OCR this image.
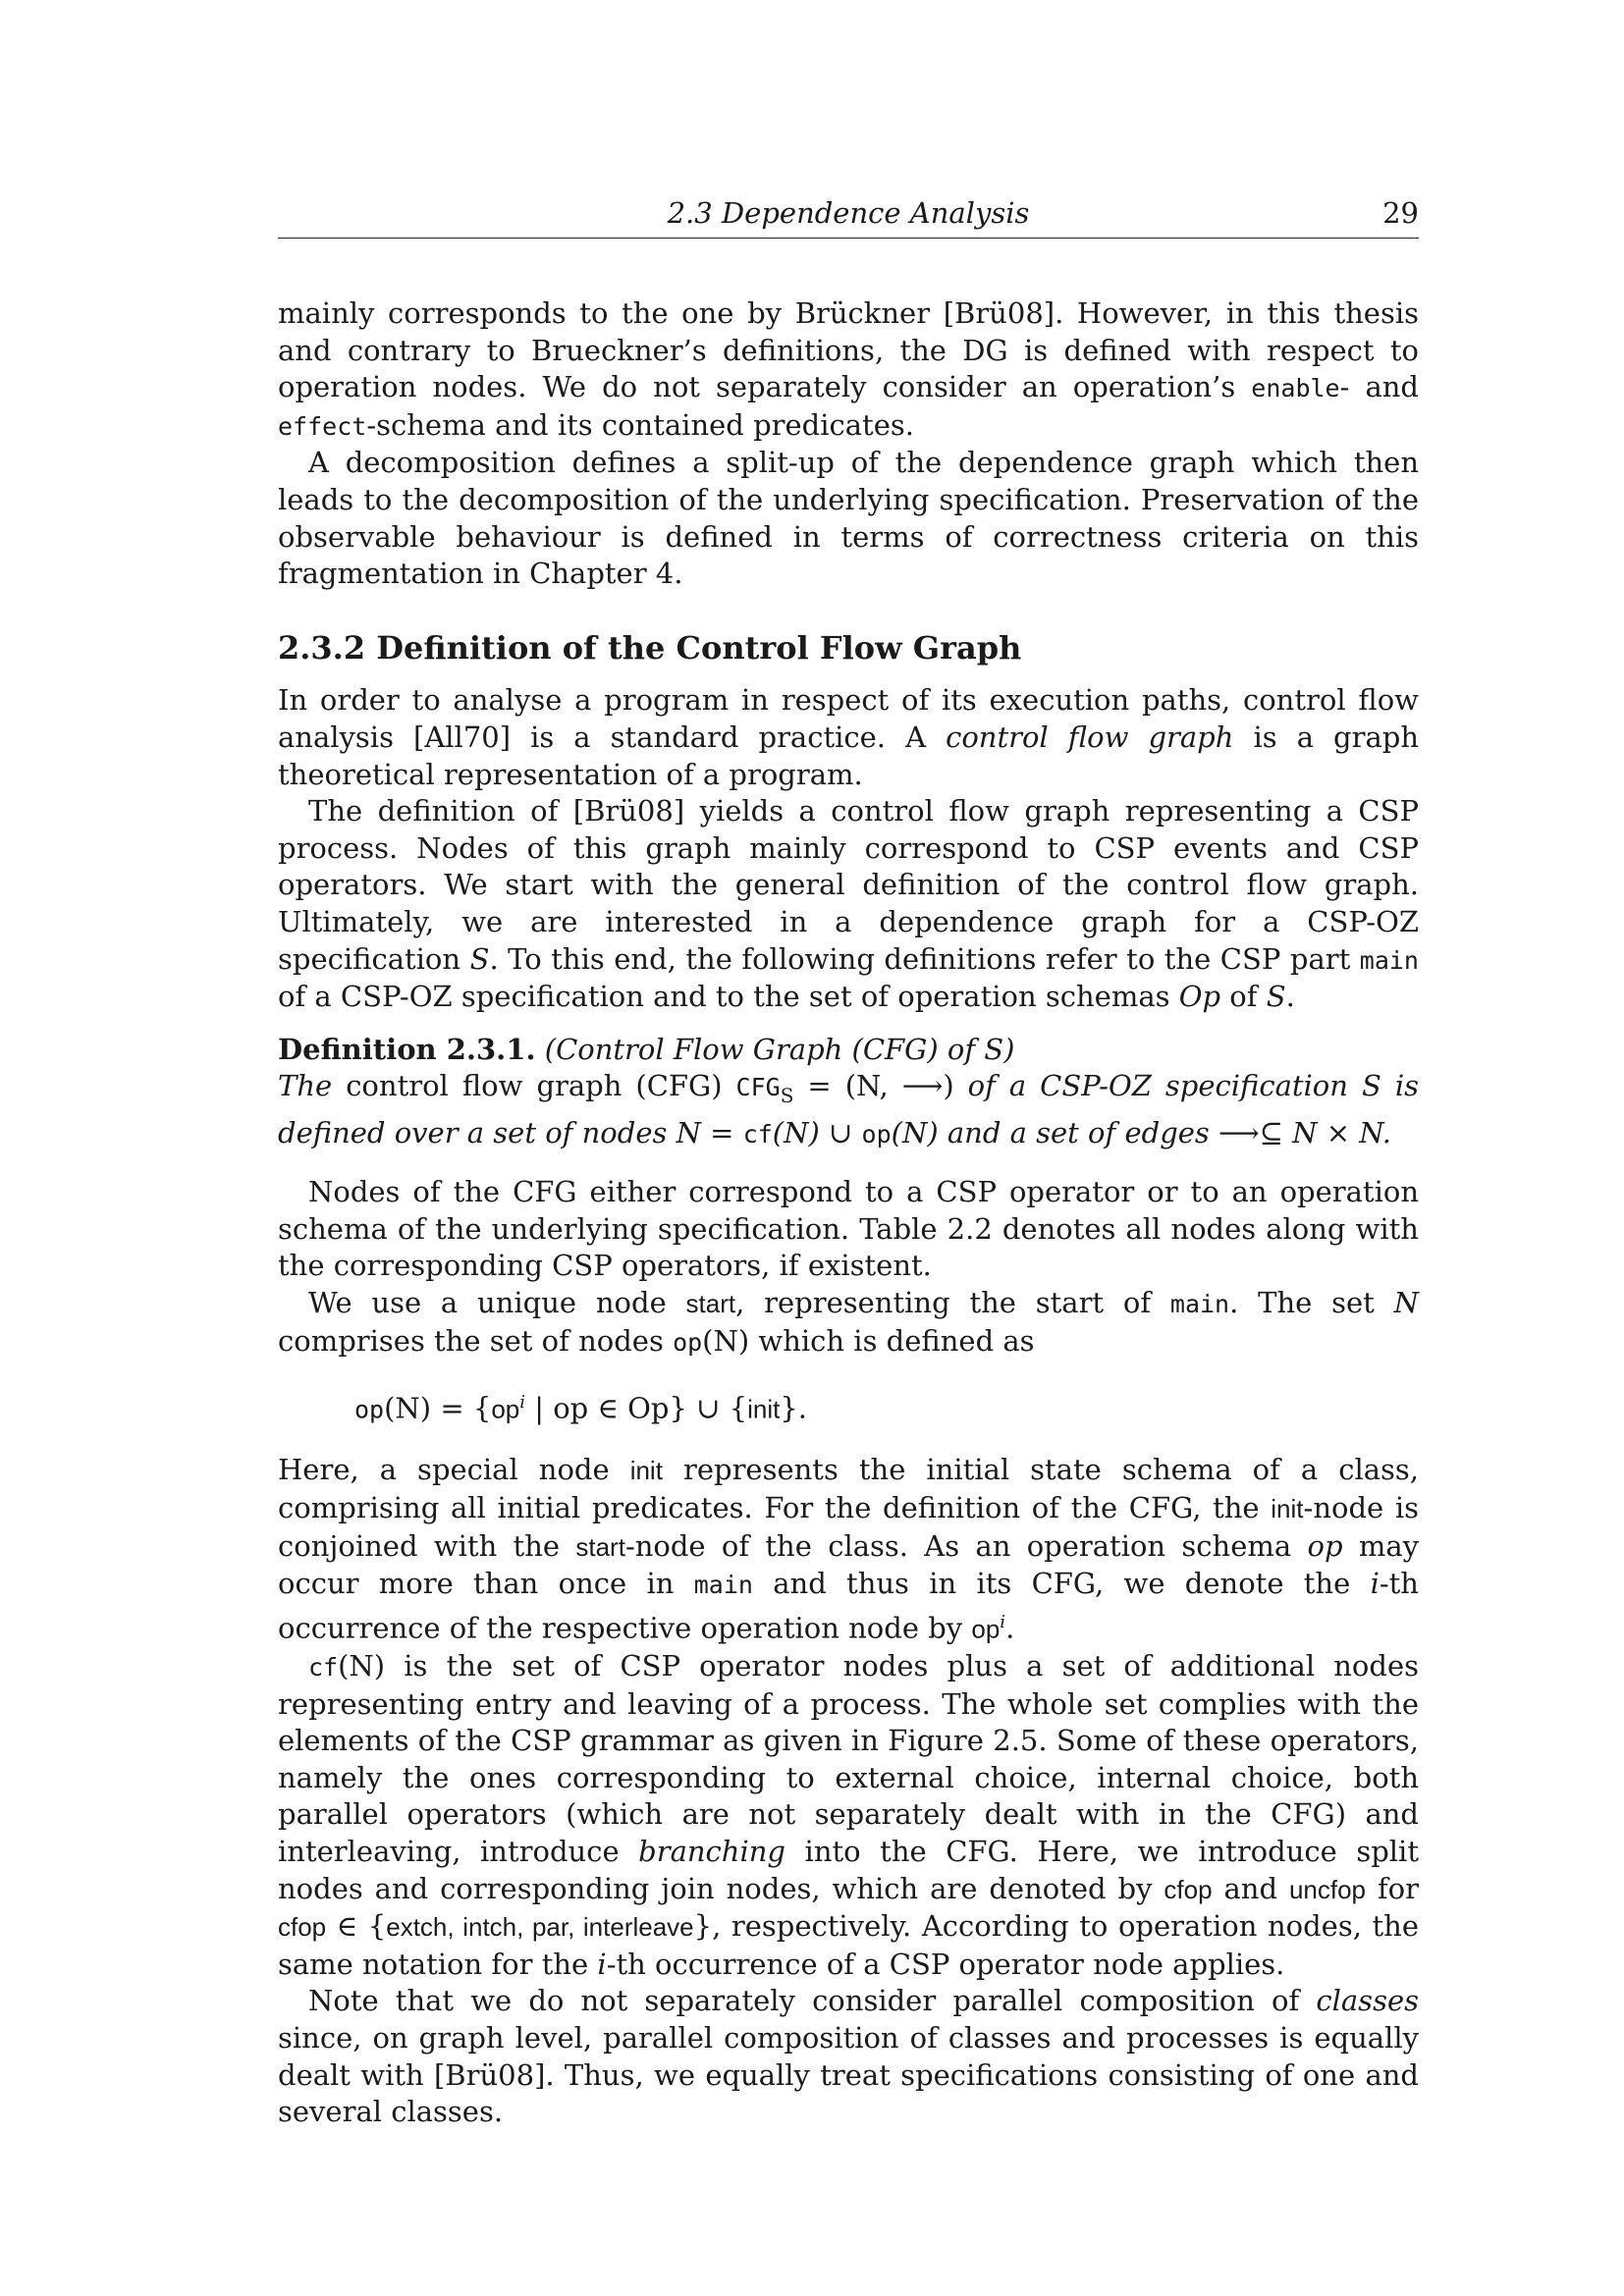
2.3 Dependence Analysis	29

mainly corresponds to the one by Brückner [Brü08]. However, in this thesis and contrary to Brueckner’s definitions, the DG is defined with respect to operation nodes. We do not separately consider an operation’s enable- and effect-schema and its contained predicates.

A decomposition defines a split-up of the dependence graph which then leads to the decomposition of the underlying specification. Preservation of the observable behaviour is defined in terms of correctness criteria on this fragmentation in Chapter 4.

2.3.2 Definition of the Control Flow Graph

In order to analyse a program in respect of its execution paths, control flow analysis [All70] is a standard practice. A control flow graph is a graph theoretical representation of a program.

The definition of [Brü08] yields a control flow graph representing a CSP process. Nodes of this graph mainly correspond to CSP events and CSP operators. We start with the general definition of the control flow graph. Ultimately, we are interested in a dependence graph for a CSP-OZ specification S. To this end, the following definitions refer to the CSP part main of a CSP-OZ specification and to the set of operation schemas Op of S.

Definition 2.3.1. (Control Flow Graph (CFG) of S)

The control flow graph (CFG) $CFG_S = (N$, ⟶) of a CSP-OZ specification S is defined over a set of nodes N = cf(N) ∪ op(N) and a set of edges ⟶⊆ N × N.

Nodes of the CFG either correspond to a CSP operator or to an operation schema of the underlying specification. Table 2.2 denotes all nodes along with the corresponding CSP operators, if existent.

We use a unique node start, representing the start of main. The set N comprises the set of nodes op(N) which is defined as

$op(N) = \{op^i$ | op ∈ Op} ∪ {init}.

Here, a special node init represents the initial state schema of a class, comprising all initial predicates. For the definition of the CFG, the init-node is conjoined with the start-node of the class. As an operation schema op may occur more than once in main and thus in its CFG, we denote the i-th occurrence of the respective operation node by $op^i$.

cf(N) is the set of CSP operator nodes plus a set of additional nodes representing entry and leaving of a process. The whole set complies with the elements of the CSP grammar as given in Figure 2.5. Some of these operators, namely the ones corresponding to external choice, internal choice, both parallel operators (which are not separately dealt with in the CFG) and interleaving, introduce branching into the CFG. Here, we introduce split nodes and corresponding join nodes, which are denoted by cfop and uncfop for cfop ∈ {extch, intch, par, interleave}, respectively. According to operation nodes, the same notation for the i-th occurrence of a CSP operator node applies.

Note that we do not separately consider parallel composition of classes since, on graph level, parallel composition of classes and processes is equally dealt with [Brü08]. Thus, we equally treat specifications consisting of one and several classes.
